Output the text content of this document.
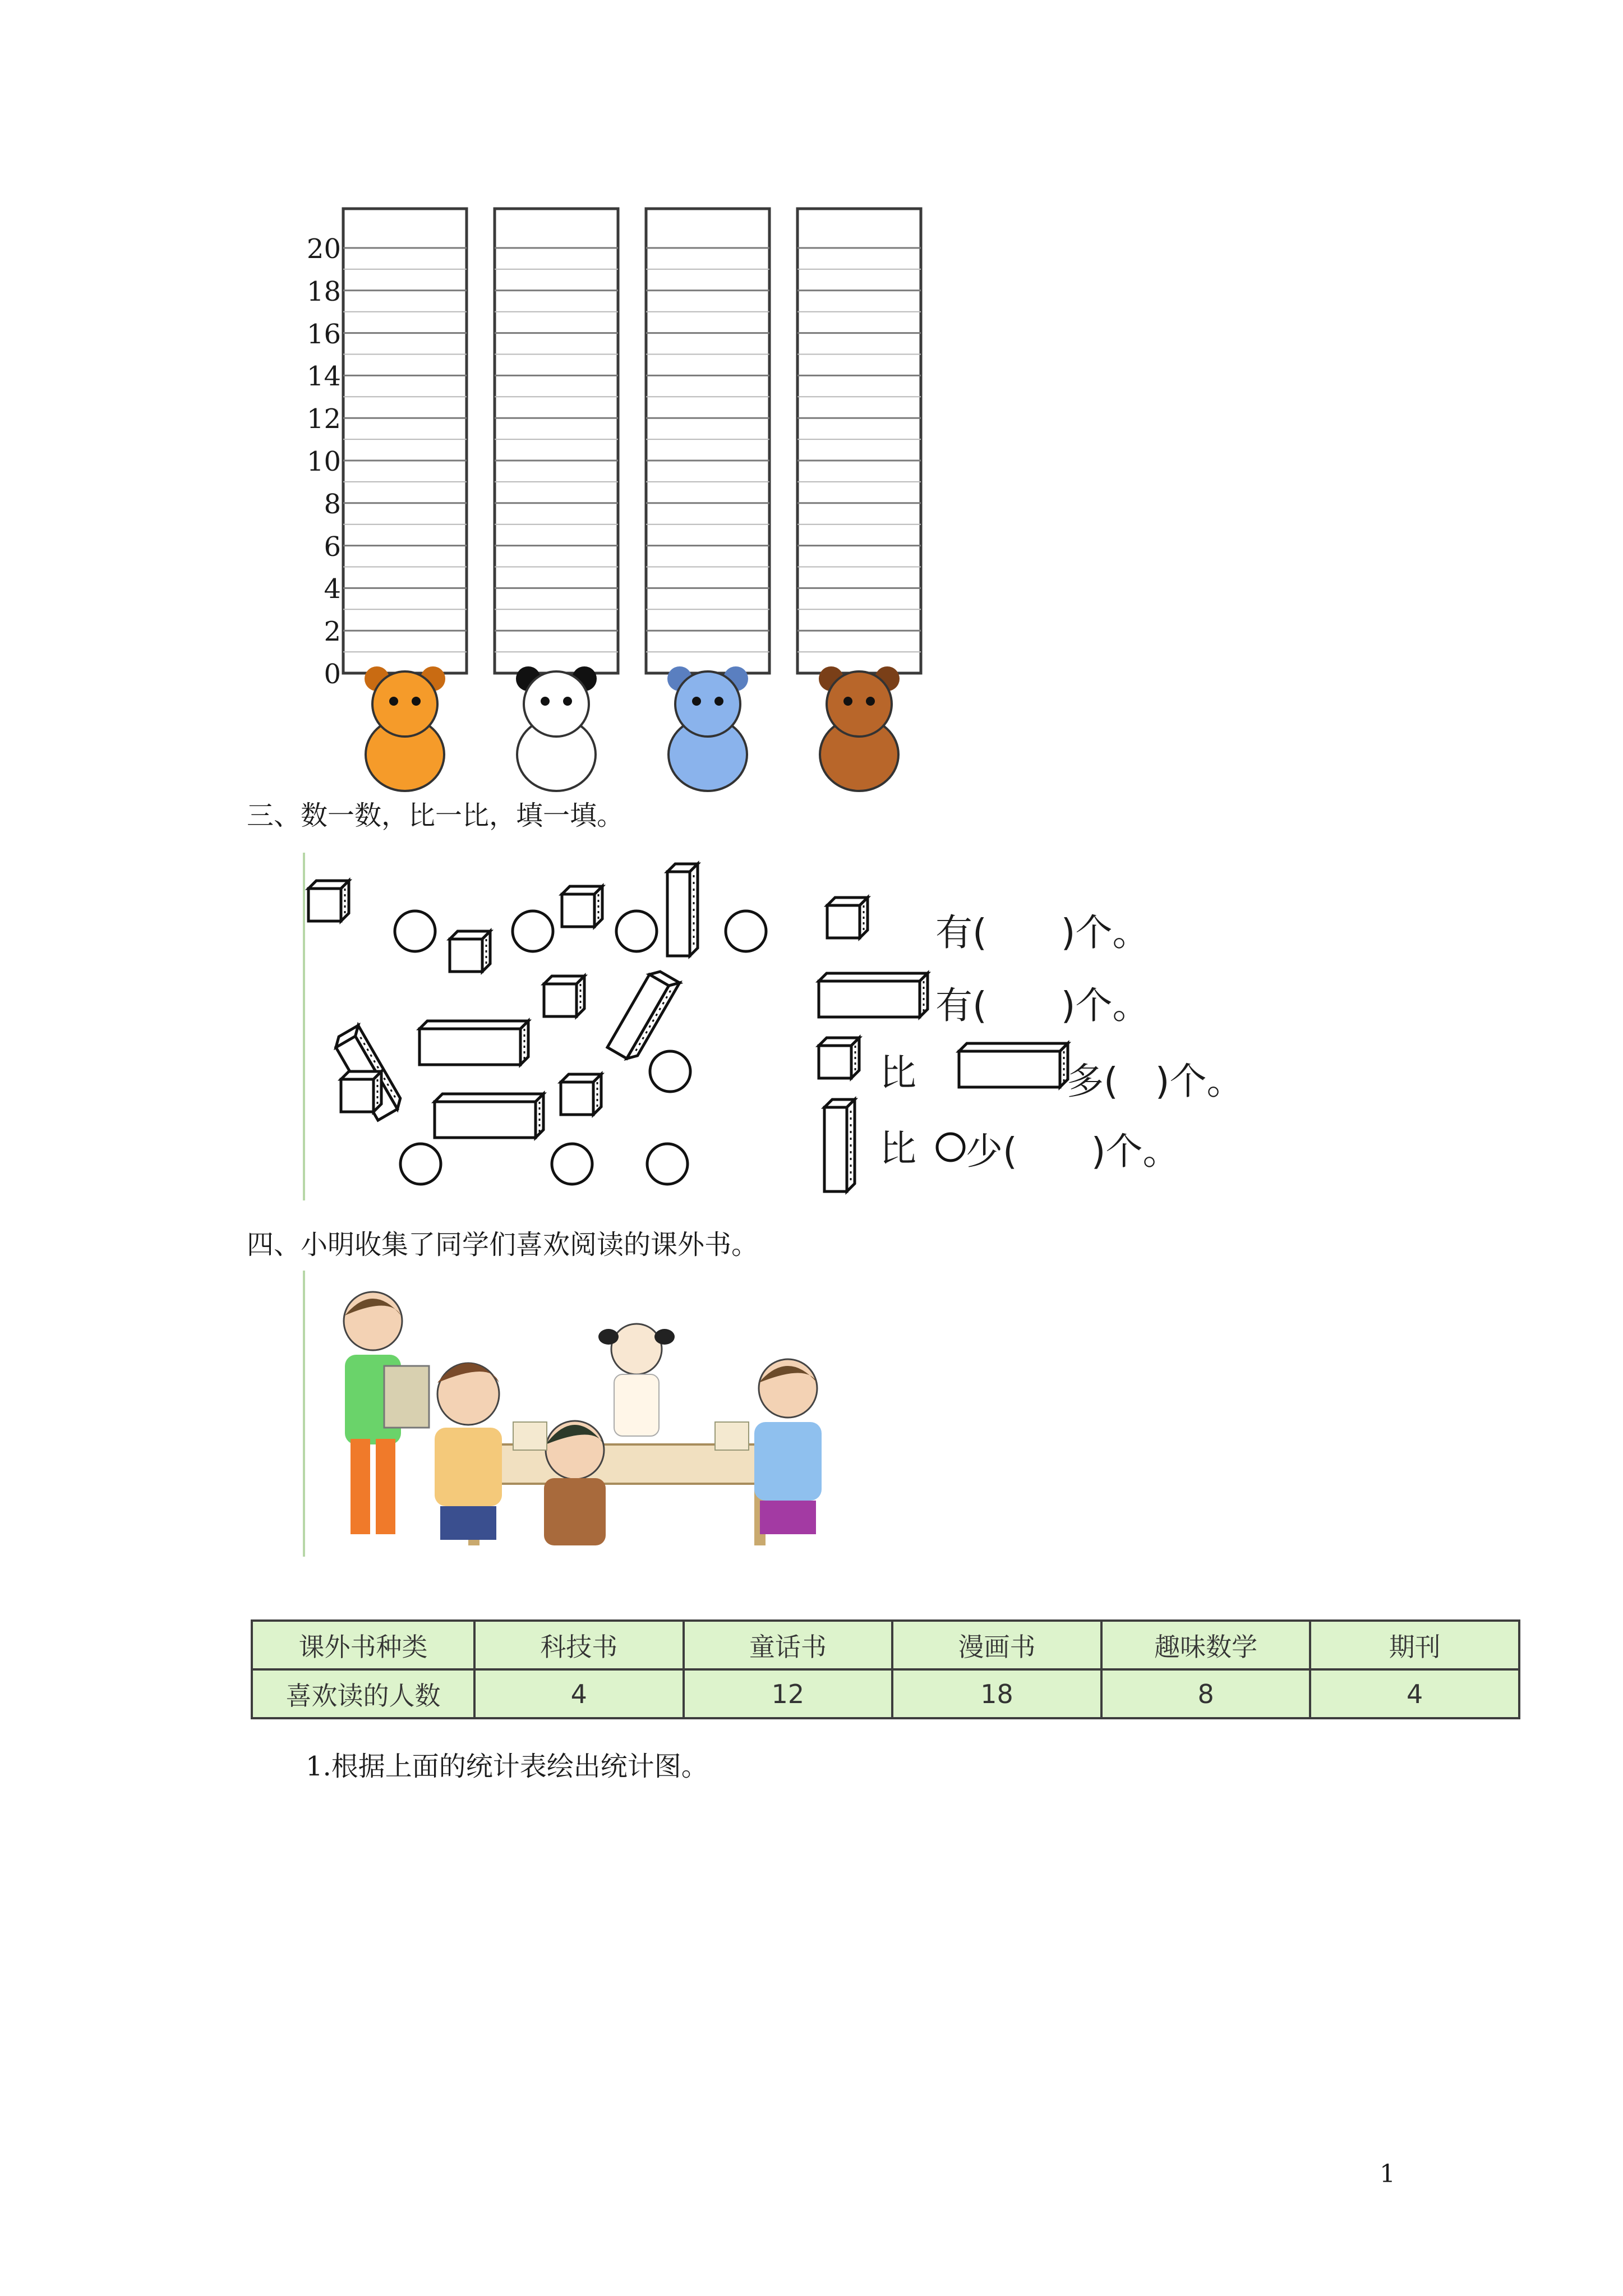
20
18
16
14
12
10
8
6
4
2
0
三、数一数，比一比，填一填。
有(　　)个。
有(　　)个。
比	多(　)个。
比 少(　　)个。
四、小明收集了同学们喜欢阅读的课外书。
课外书种类	科技书	童话书	漫画书	趣味数学	期刊
喜欢读的人数	4	12	18	8	4
1.根据上面的统计表绘出统计图。
1
